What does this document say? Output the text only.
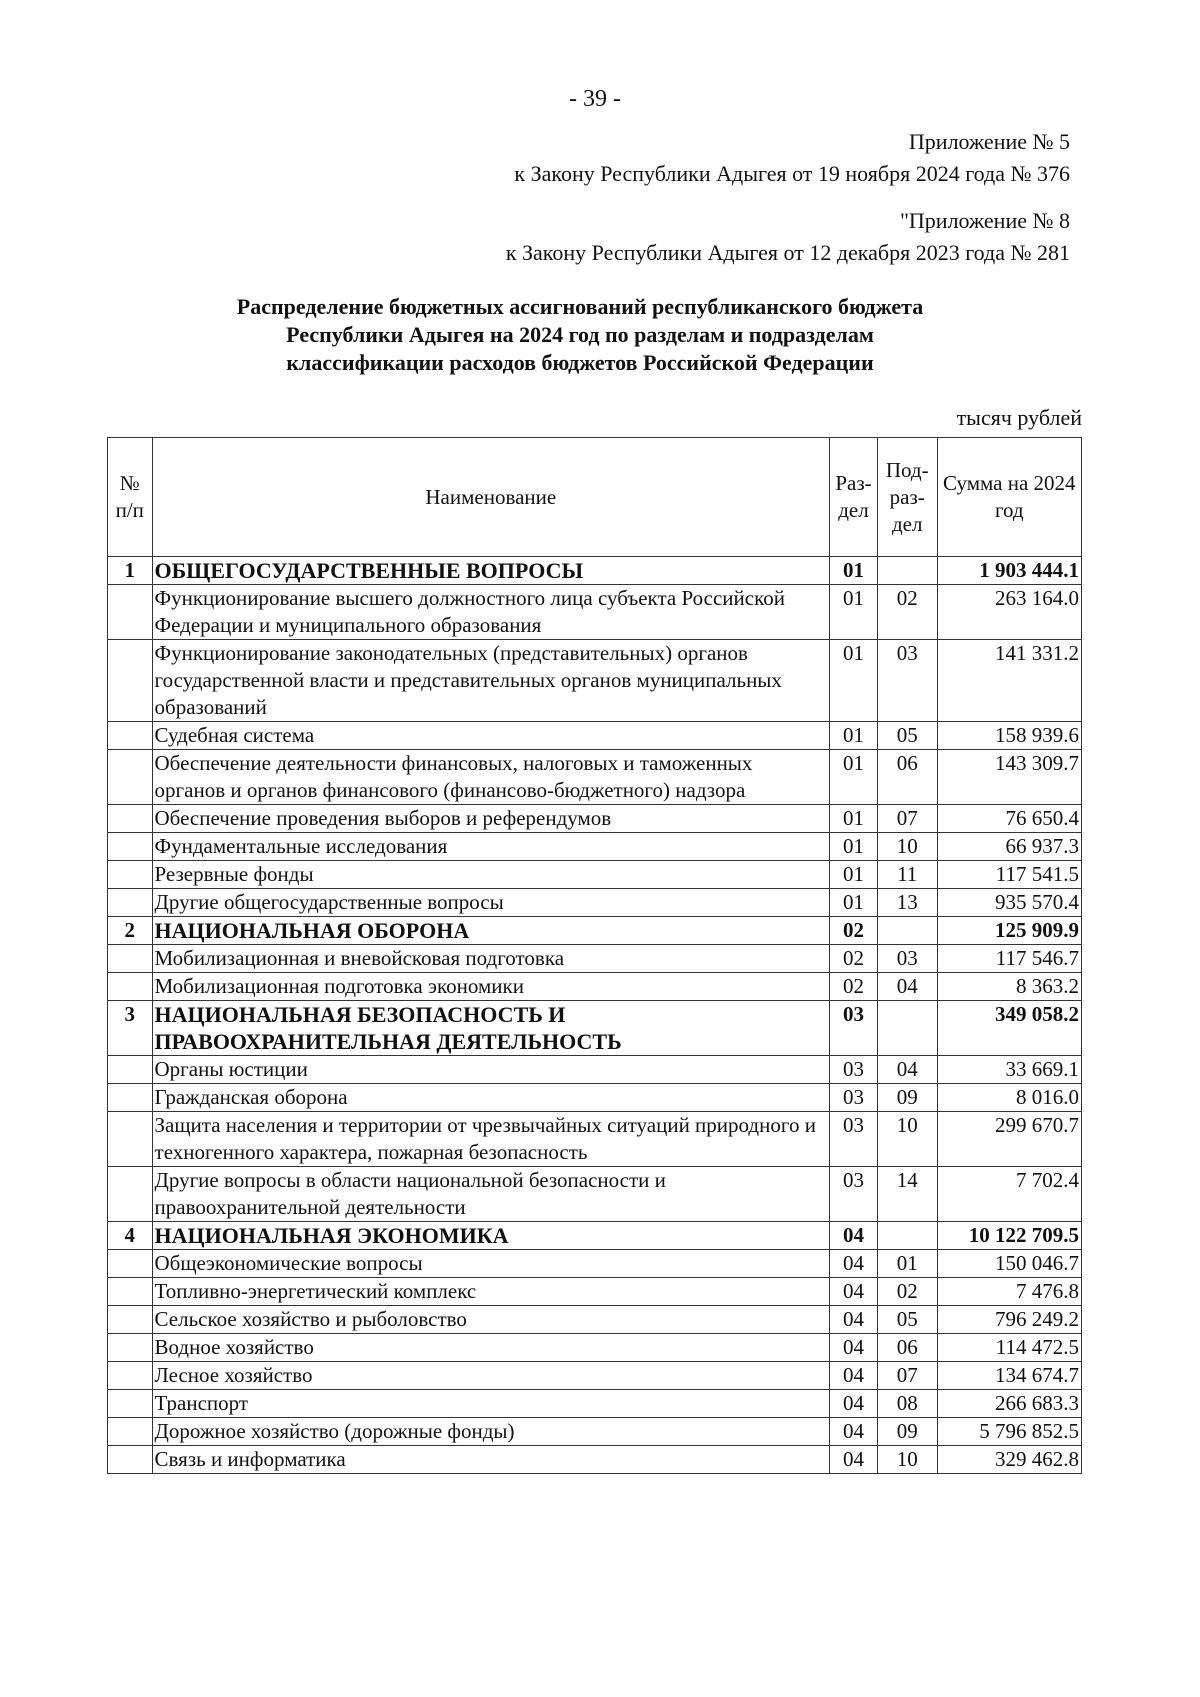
- 39 -
Приложение № 5
к Закону Республики Адыгея от 19 ноября 2024 года № 376
"Приложение № 8
к Закону Республики Адыгея от 12 декабря 2023 года № 281
Распределение бюджетных ассигнований республиканского бюджета
Республики Адыгея на 2024 год по разделам и подразделам
классификации расходов бюджетов Российской Федерации
тысяч рублей
№ п/п	Наименование	Раз- дел	Под- раз- дел	Сумма на 2024 год
1	ОБЩЕГОСУДАРСТВЕННЫЕ ВОПРОСЫ	01		1 903 444.1
	Функционирование высшего должностного лица субъекта Российской Федерации и муниципального образования	01	02	263 164.0
	Функционирование законодательных (представительных) органов государственной власти и представительных органов муниципальных образований	01	03	141 331.2
	Судебная система	01	05	158 939.6
	Обеспечение деятельности финансовых, налоговых и таможенных органов и органов финансового (финансово-бюджетного) надзора	01	06	143 309.7
	Обеспечение проведения выборов и референдумов	01	07	76 650.4
	Фундаментальные исследования	01	10	66 937.3
	Резервные фонды	01	11	117 541.5
	Другие общегосударственные вопросы	01	13	935 570.4
2	НАЦИОНАЛЬНАЯ ОБОРОНА	02		125 909.9
	Мобилизационная и вневойсковая подготовка	02	03	117 546.7
	Мобилизационная подготовка экономики	02	04	8 363.2
3	НАЦИОНАЛЬНАЯ БЕЗОПАСНОСТЬ И ПРАВООХРАНИТЕЛЬНАЯ ДЕЯТЕЛЬНОСТЬ	03		349 058.2
	Органы юстиции	03	04	33 669.1
	Гражданская оборона	03	09	8 016.0
	Защита населения и территории от чрезвычайных ситуаций природного и техногенного характера, пожарная безопасность	03	10	299 670.7
	Другие вопросы в области национальной безопасности и правоохранительной деятельности	03	14	7 702.4
4	НАЦИОНАЛЬНАЯ ЭКОНОМИКА	04		10 122 709.5
	Общеэкономические вопросы	04	01	150 046.7
	Топливно-энергетический комплекс	04	02	7 476.8
	Сельское хозяйство и рыболовство	04	05	796 249.2
	Водное хозяйство	04	06	114 472.5
	Лесное хозяйство	04	07	134 674.7
	Транспорт	04	08	266 683.3
	Дорожное хозяйство (дорожные фонды)	04	09	5 796 852.5
	Связь и информатика	04	10	329 462.8
